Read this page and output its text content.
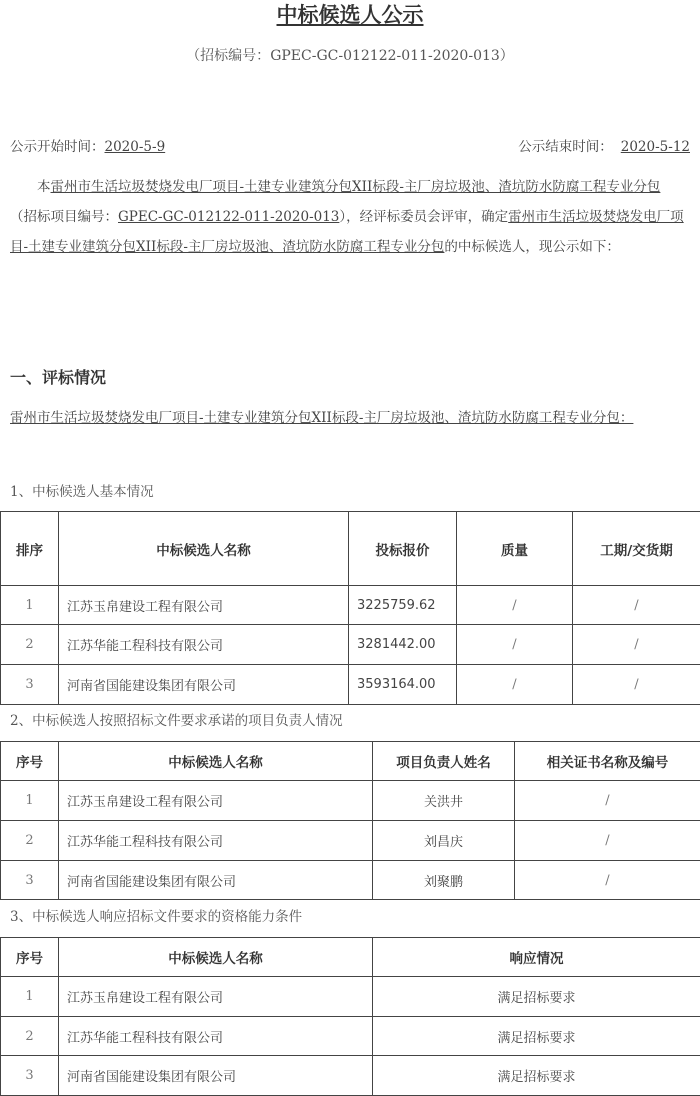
中标候选人公示
（招标编号：GPEC-GC-012122-011-2020-013）
公示开始时间：2020-5-9	公示结束时间： 2020-5-12
本雷州市生活垃圾焚烧发电厂项目-土建专业建筑分包XII标段-主厂房垃圾池、渣坑防水防腐工程专业分包（招标项目编号：GPEC-GC-012122-011-2020-013），经评标委员会评审，确定雷州市生活垃圾焚烧发电厂项目-土建专业建筑分包XII标段-主厂房垃圾池、渣坑防水防腐工程专业分包的中标候选人，现公示如下：
一、评标情况
雷州市生活垃圾焚烧发电厂项目-土建专业建筑分包XII标段-主厂房垃圾池、渣坑防水防腐工程专业分包：
1、中标候选人基本情况
排序	中标候选人名称	投标报价	质量	工期/交货期
1	江苏玉帛建设工程有限公司	3225759.62	/	/
2	江苏华能工程科技有限公司	3281442.00	/	/
3	河南省国能建设集团有限公司	3593164.00	/	/
2、中标候选人按照招标文件要求承诺的项目负责人情况
序号	中标候选人名称	项目负责人姓名	相关证书名称及编号
1	江苏玉帛建设工程有限公司	关洪井	/
2	江苏华能工程科技有限公司	刘昌庆	/
3	河南省国能建设集团有限公司	刘聚鹏	/
3、中标候选人响应招标文件要求的资格能力条件
序号	中标候选人名称	响应情况
1	江苏玉帛建设工程有限公司	满足招标要求
2	江苏华能工程科技有限公司	满足招标要求
3	河南省国能建设集团有限公司	满足招标要求
